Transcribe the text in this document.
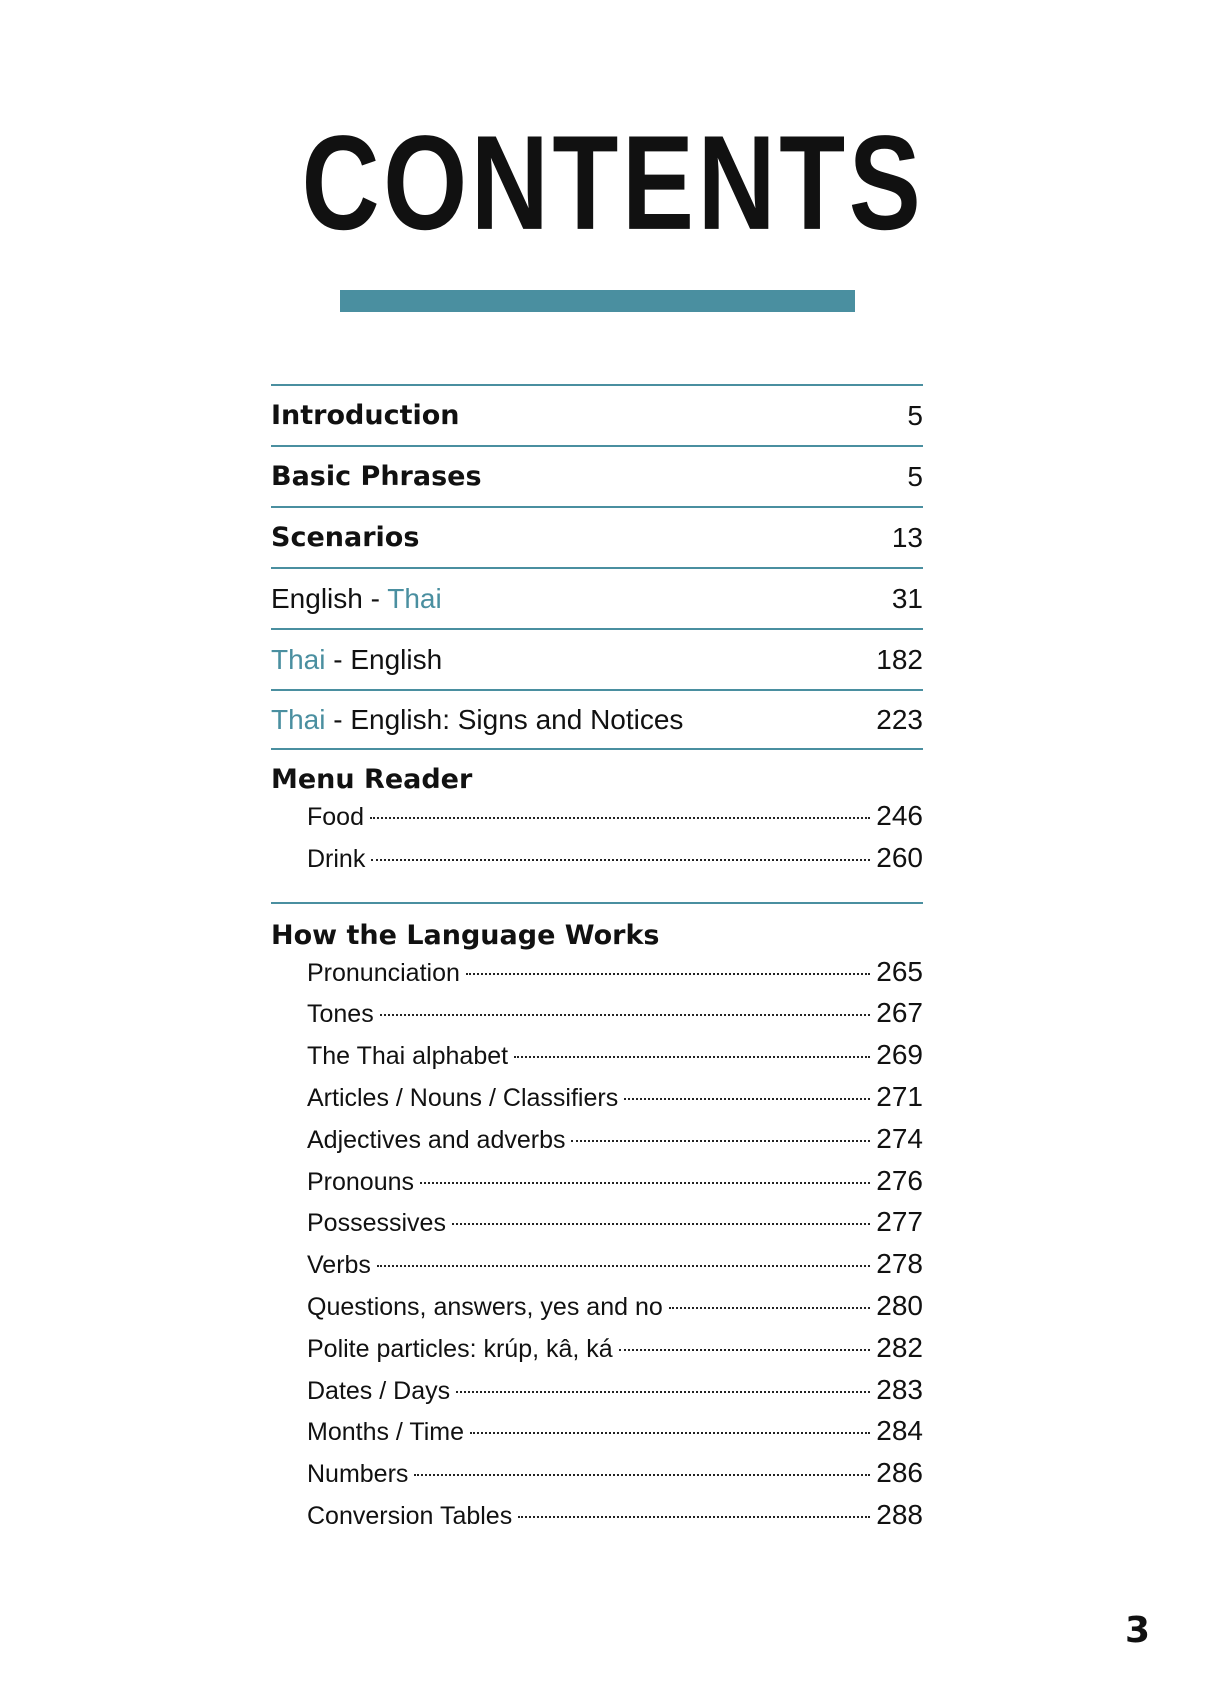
CONTENTS
Introduction	5
Basic Phrases	5
Scenarios	13
English - Thai	31
Thai - English	182
Thai - English: Signs and Notices	223
Menu Reader
Food	246
Drink	260
How the Language Works
Pronunciation	265
Tones	267
The Thai alphabet	269
Articles / Nouns / Classifiers	271
Adjectives and adverbs	274
Pronouns	276
Possessives	277
Verbs	278
Questions, answers, yes and no	280
Polite particles: krúp, kâ, ká	282
Dates / Days	283
Months / Time	284
Numbers	286
Conversion Tables	288
3
